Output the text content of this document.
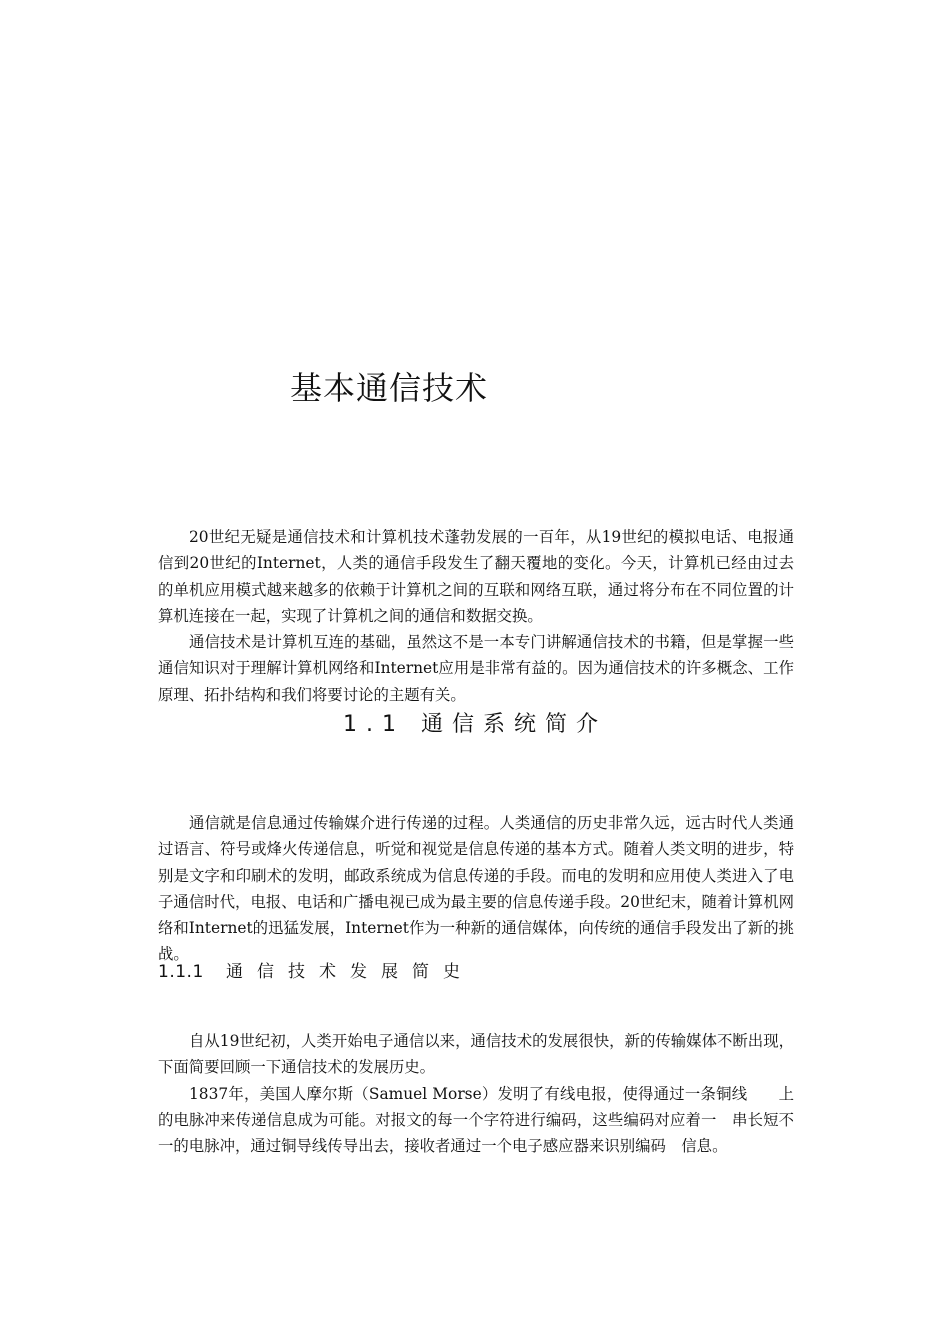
基本通信技术

20世纪无疑是通信技术和计算机技术蓬勃发展的一百年，从19世纪的模拟电话、电报通信到20世纪的Internet，人类的通信手段发生了翻天覆地的变化。今天，计算机已经由过去的单机应用模式越来越多的依赖于计算机之间的互联和网络互联，通过将分布在不同位置的计算机连接在一起，实现了计算机之间的通信和数据交换。

通信技术是计算机互连的基础，虽然这不是一本专门讲解通信技术的书籍，但是掌握一些通信知识对于理解计算机网络和Internet应用是非常有益的。因为通信技术的许多概念、工作原理、拓扑结构和我们将要讨论的主题有关。

1.1 通信系统简介

通信就是信息通过传输媒介进行传递的过程。人类通信的历史非常久远，远古时代人类通过语言、符号或烽火传递信息，听觉和视觉是信息传递的基本方式。随着人类文明的进步，特别是文字和印刷术的发明，邮政系统成为信息传递的手段。而电的发明和应用使人类进入了电子通信时代，电报、电话和广播电视已成为最主要的信息传递手段。20世纪末，随着计算机网络和Internet的迅猛发展，Internet作为一种新的通信媒体，向传统的通信手段发出了新的挑战。

1.1.1 通信技术发展简史

自从19世纪初，人类开始电子通信以来，通信技术的发展很快，新的传输媒体不断出现，下面简要回顾一下通信技术的发展历史。

1837年，美国人摩尔斯（Samuel Morse）发明了有线电报，使得通过一条铜线　　上的电脉冲来传递信息成为可能。对报文的每一个字符进行编码，这些编码对应着一　串长短不一的电脉冲，通过铜导线传导出去，接收者通过一个电子感应器来识别编码　信息。
